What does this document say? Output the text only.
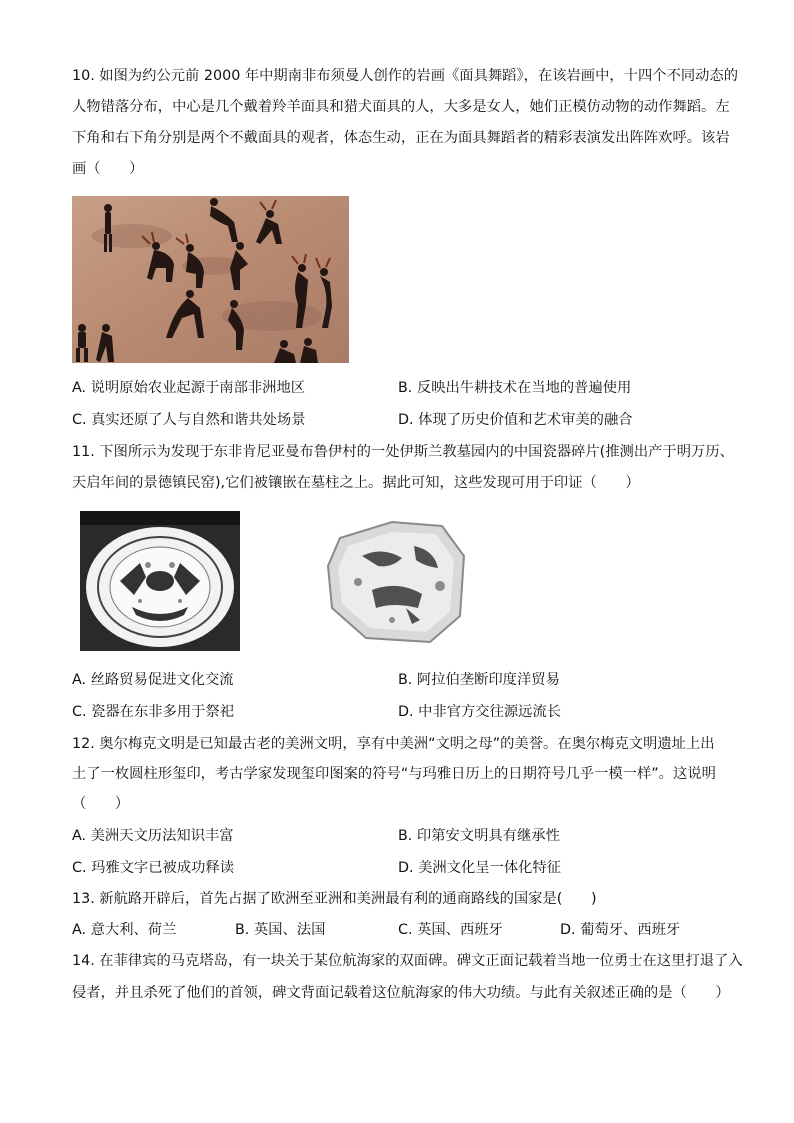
10. 如图为约公元前 2000 年中期南非布须曼人创作的岩画《面具舞蹈》，在该岩画中，十四个不同动态的
人物错落分布，中心是几个戴着羚羊面具和猎犬面具的人，大多是女人，她们正模仿动物的动作舞蹈。左
下角和右下角分别是两个不戴面具的观者，体态生动，正在为面具舞蹈者的精彩表演发出阵阵欢呼。该岩
画（　　）
A. 说明原始农业起源于南部非洲地区	B. 反映出牛耕技术在当地的普遍使用
C. 真实还原了人与自然和谐共处场景	D. 体现了历史价值和艺术审美的融合
11. 下图所示为发现于东非肯尼亚曼布鲁伊村的一处伊斯兰教墓园内的中国瓷器碎片(推测出产于明万历、
天启年间的景德镇民窑),它们被镶嵌在墓柱之上。据此可知，这些发现可用于印证（　　）
A. 丝路贸易促进文化交流	B. 阿拉伯垄断印度洋贸易
C. 瓷器在东非多用于祭祀	D. 中非官方交往源远流长
12. 奥尔梅克文明是已知最古老的美洲文明，享有中美洲“文明之母”的美誉。在奥尔梅克文明遗址上出
土了一枚圆柱形玺印，考古学家发现玺印图案的符号“与玛雅日历上的日期符号几乎一模一样”。这说明
（　　）
A. 美洲天文历法知识丰富	B. 印第安文明具有继承性
C. 玛雅文字已被成功释读	D. 美洲文化呈一体化特征
13. 新航路开辟后，首先占据了欧洲至亚洲和美洲最有利的通商路线的国家是(　　)
A. 意大利、荷兰	B. 英国、法国	C. 英国、西班牙	D. 葡萄牙、西班牙
14. 在菲律宾的马克塔岛，有一块关于某位航海家的双面碑。碑文正面记载着当地一位勇士在这里打退了入
侵者，并且杀死了他们的首领，碑文背面记载着这位航海家的伟大功绩。与此有关叙述正确的是（　　）
